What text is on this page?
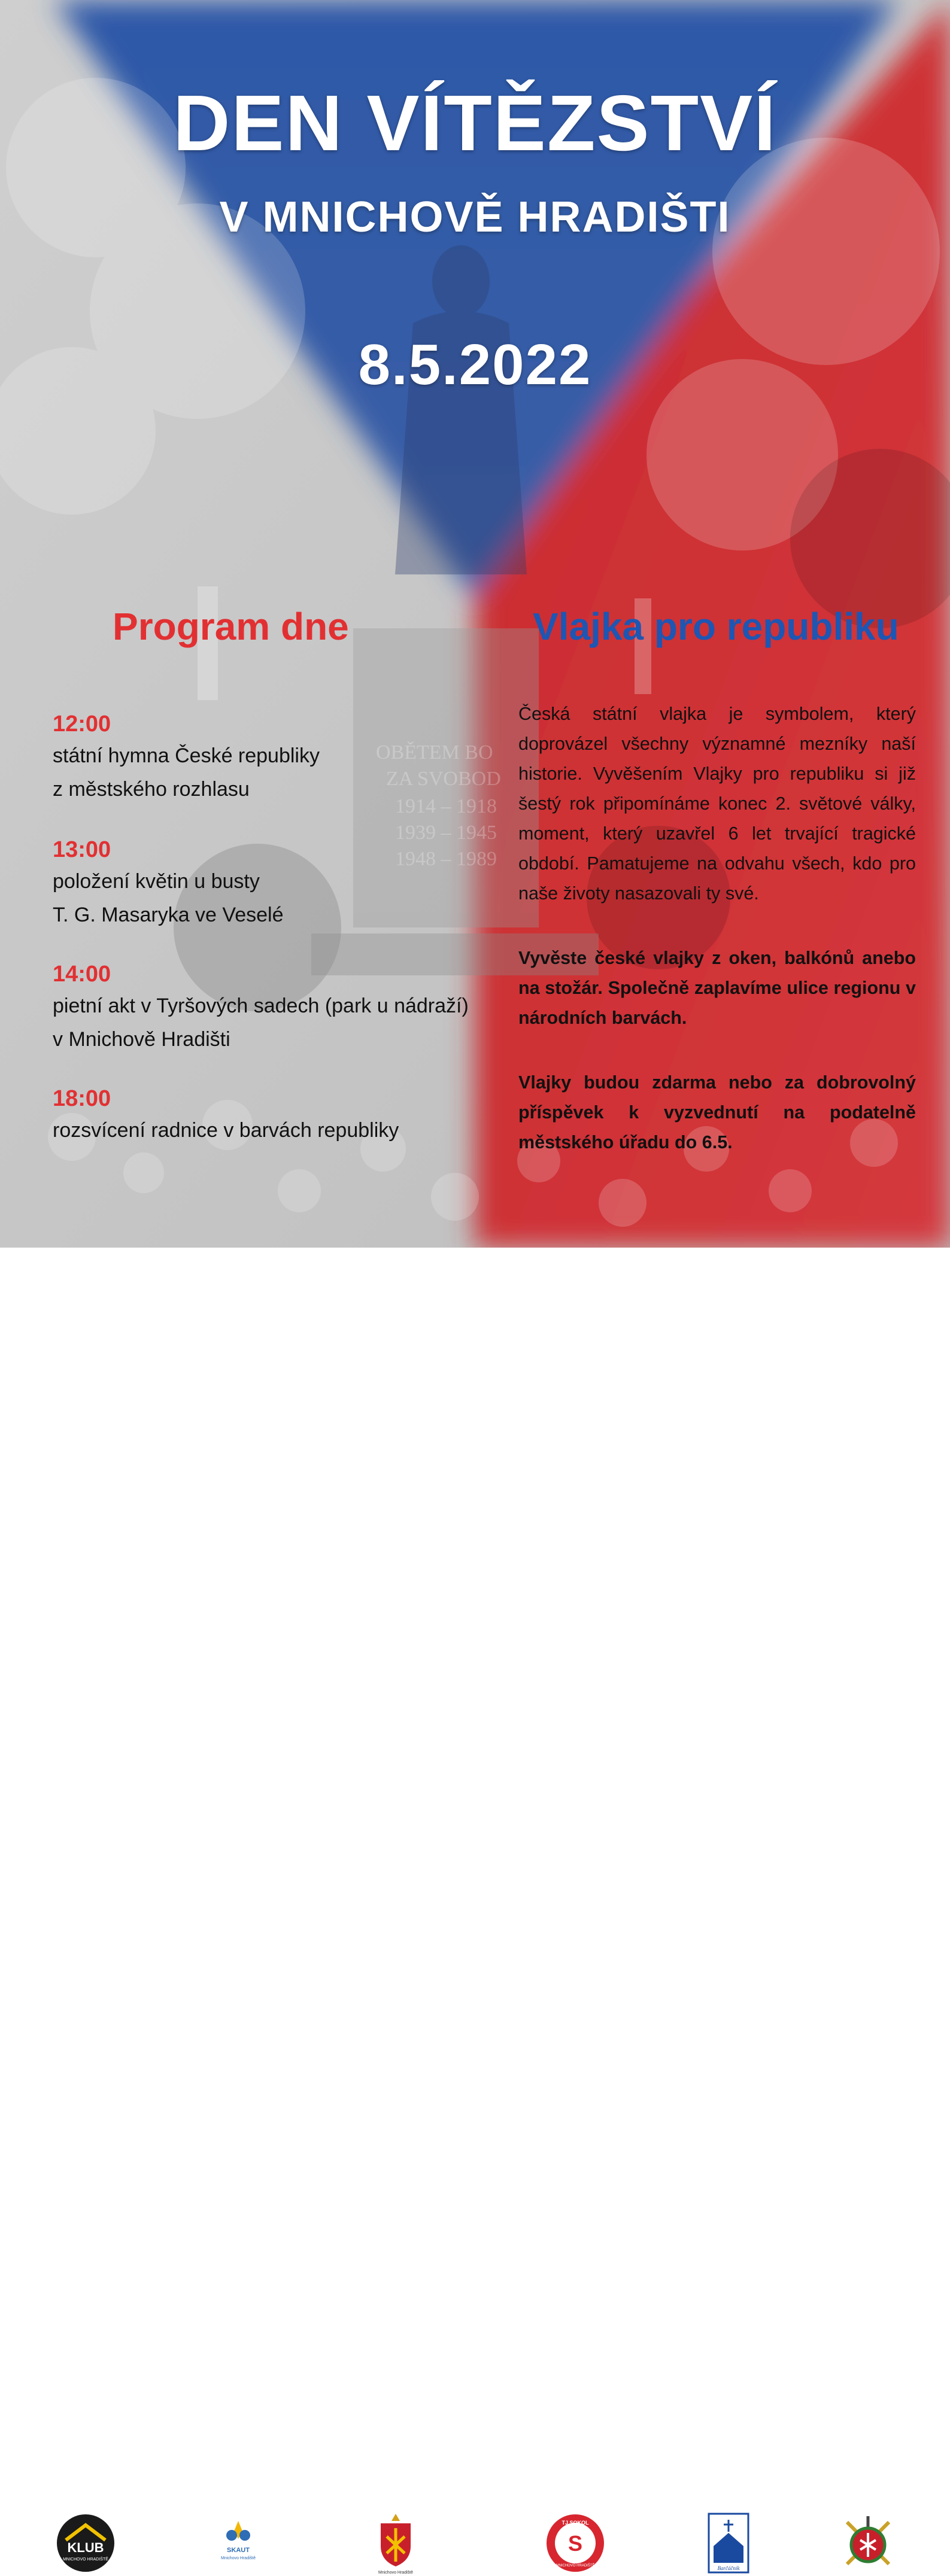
OBĚTEM BO
ZA SVOBOD
1914 – 1918
1939 – 1945
1948 – 1989
DEN VÍTĚZSTVÍ
V MNICHOVĚ HRADIŠTI
8.5.2022
Program dne	Vlajka pro republiku
12:00
státní hymna České republiky
z městského rozhlasu
13:00
položení květin u busty
T. G. Masaryka ve Veselé
14:00
pietní akt v Tyršových sadech (park u nádraží)
v Mnichově Hradišti
18:00
rozsvícení radnice v barvách republiky
Česká státní vlajka je symbolem, který doprovázel všechny významné mezníky naší historie. Vyvěšením Vlajky pro republiku si již šestý rok připomínáme konec 2. světové války, moment, který uzavřel 6 let trvající tragické období. Pamatujeme na odvahu všech, kdo pro naše životy nasazovali ty své.
Vyvěste české vlajky z oken, balkónů anebo na stožár. Společně zaplavíme ulice regionu v národních barvách.
Vlajky budou zdarma nebo za dobrovolný příspěvek k vyzvednutí na podatelně městského úřadu do 6.5.
KLUB
MNICHOVO HRADIŠTĚ
SKAUT
Mnichovo Hradiště
Mnichovo Hradiště
TJ SOKOL
MNICHOVO HRADIŠTĚ
S
Barčáčník
